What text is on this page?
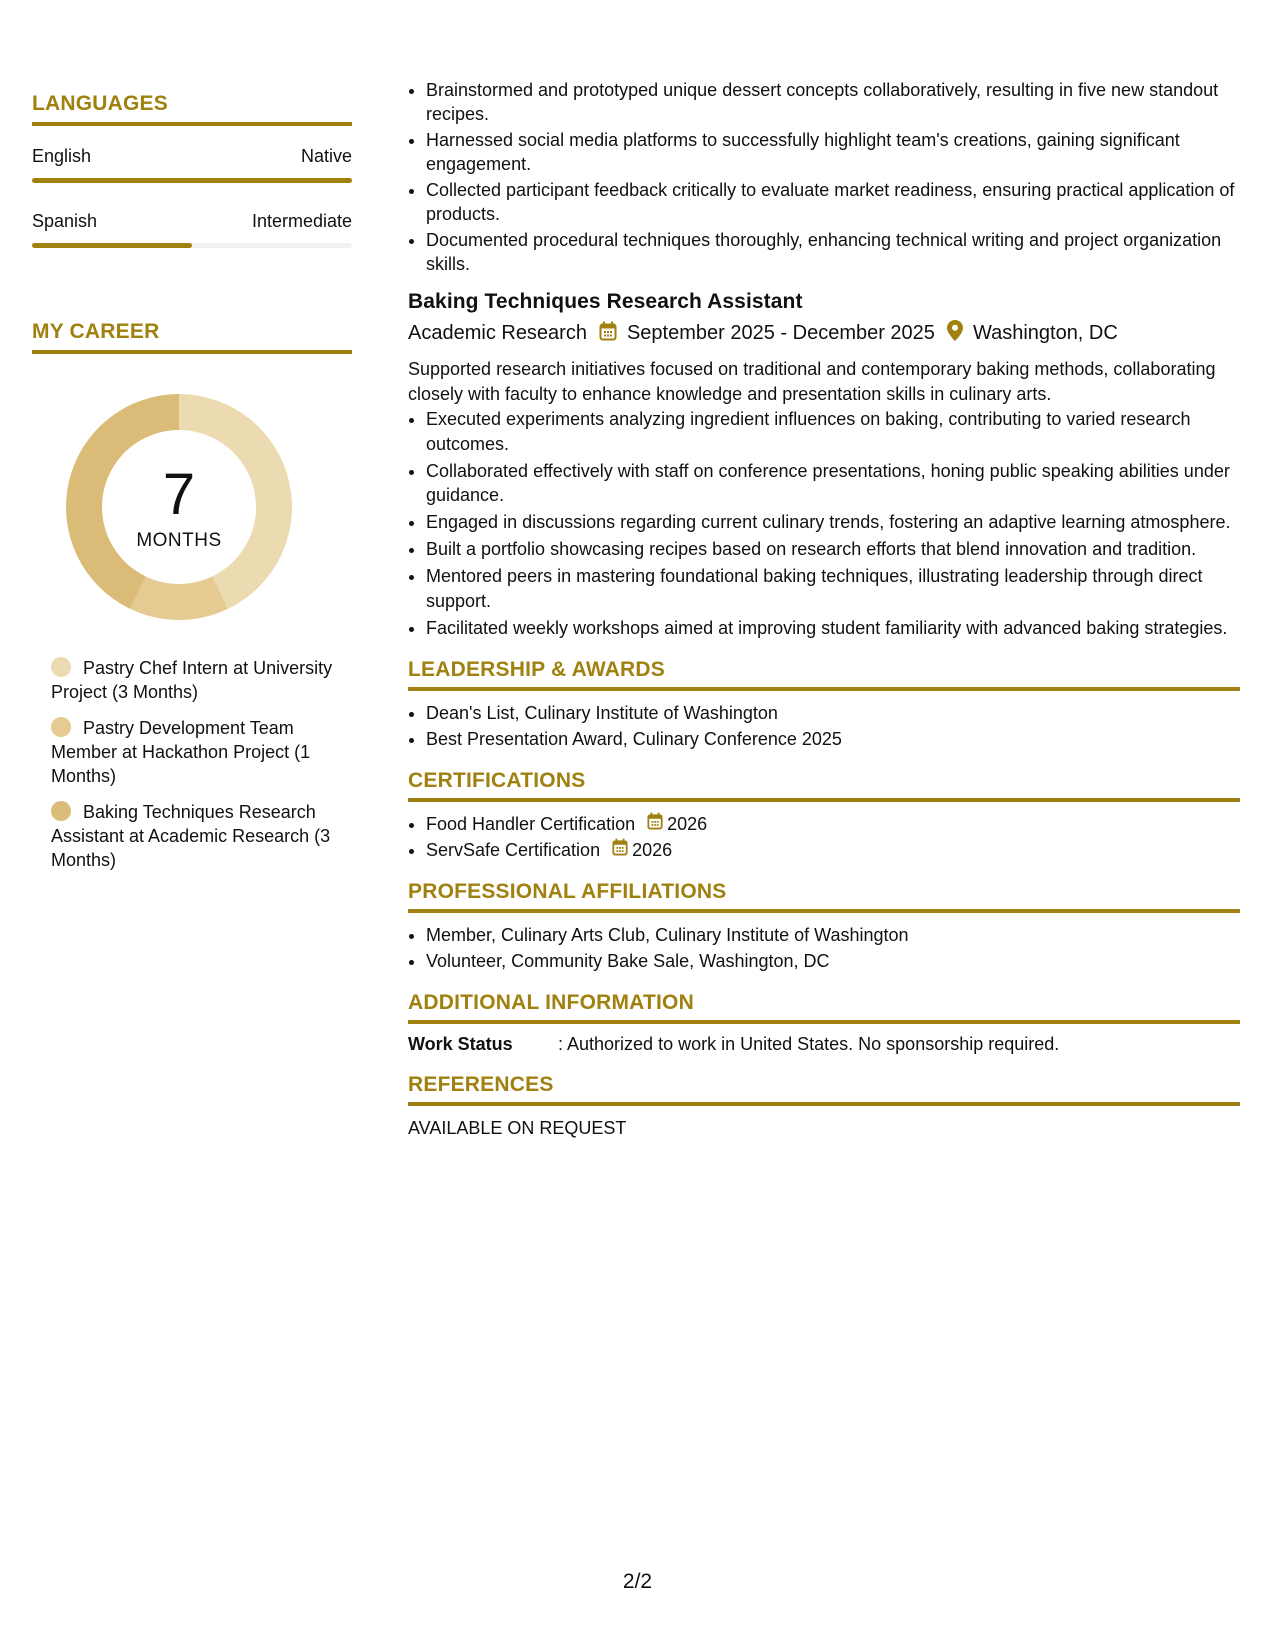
LANGUAGES
English	Native
Spanish	Intermediate
MY CAREER
7
MONTHS
Pastry Chef Intern at University Project (3 Months)
Pastry Development Team Member at Hackathon Project (1 Months)
Baking Techniques Research Assistant at Academic Research (3 Months)
• Brainstormed and prototyped unique dessert concepts collaboratively, resulting in five new standout recipes.
• Harnessed social media platforms to successfully highlight team's creations, gaining significant engagement.
• Collected participant feedback critically to evaluate market readiness, ensuring practical application of products.
• Documented procedural techniques thoroughly, enhancing technical writing and project organization skills.
Baking Techniques Research Assistant
Academic Research September 2025 - December 2025 Washington, DC
Supported research initiatives focused on traditional and contemporary baking methods, collaborating closely with faculty to enhance knowledge and presentation skills in culinary arts.
• Executed experiments analyzing ingredient influences on baking, contributing to varied research outcomes.
• Collaborated effectively with staff on conference presentations, honing public speaking abilities under guidance.
• Engaged in discussions regarding current culinary trends, fostering an adaptive learning atmosphere.
• Built a portfolio showcasing recipes based on research efforts that blend innovation and tradition.
• Mentored peers in mastering foundational baking techniques, illustrating leadership through direct support.
• Facilitated weekly workshops aimed at improving student familiarity with advanced baking strategies.
LEADERSHIP & AWARDS
• Dean's List, Culinary Institute of Washington
• Best Presentation Award, Culinary Conference 2025
CERTIFICATIONS
• Food Handler Certification 2026
• ServSafe Certification 2026
PROFESSIONAL AFFILIATIONS
• Member, Culinary Arts Club, Culinary Institute of Washington
• Volunteer, Community Bake Sale, Washington, DC
ADDITIONAL INFORMATION
Work Status	: Authorized to work in United States. No sponsorship required.
REFERENCES
AVAILABLE ON REQUEST
2/2
